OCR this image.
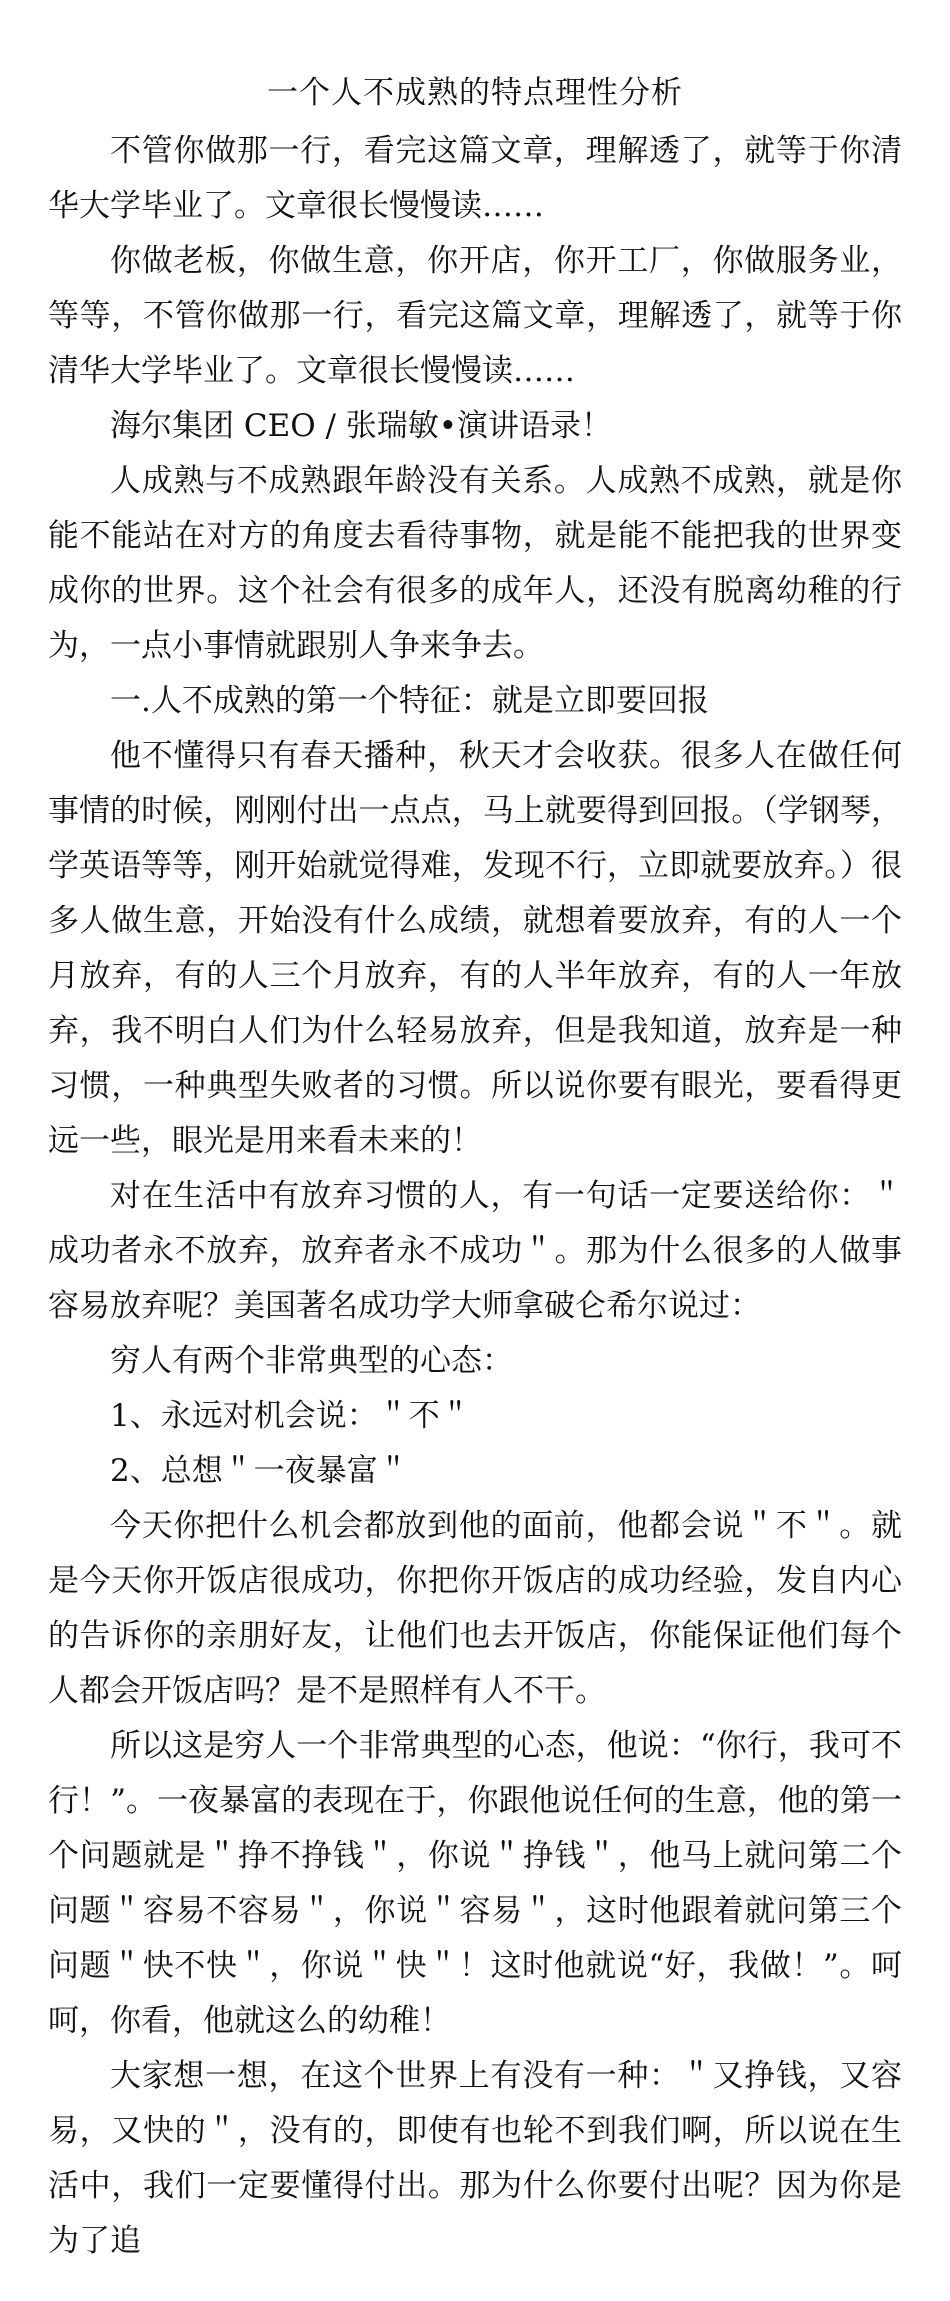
一个人不成熟的特点理性分析

不管你做那一行，看完这篇文章，理解透了，就等于你清华大学毕业了。文章很长慢慢读……

你做老板，你做生意，你开店，你开工厂，你做服务业，等等，不管你做那一行，看完这篇文章，理解透了，就等于你清华大学毕业了。文章很长慢慢读……

海尔集团 CEO / 张瑞敏•演讲语录！

人成熟与不成熟跟年龄没有关系。人成熟不成熟，就是你能不能站在对方的角度去看待事物，就是能不能把我的世界变成你的世界。这个社会有很多的成年人，还没有脱离幼稚的行为，一点小事情就跟别人争来争去。

一.人不成熟的第一个特征：就是立即要回报

他不懂得只有春天播种，秋天才会收获。很多人在做任何事情的时候，刚刚付出一点点，马上就要得到回报。（学钢琴，学英语等等，刚开始就觉得难，发现不行，立即就要放弃。）很多人做生意，开始没有什么成绩，就想着要放弃，有的人一个月放弃，有的人三个月放弃，有的人半年放弃，有的人一年放弃，我不明白人们为什么轻易放弃，但是我知道，放弃是一种习惯，一种典型失败者的习惯。所以说你要有眼光，要看得更远一些，眼光是用来看未来的！

对在生活中有放弃习惯的人，有一句话一定要送给你：＂成功者永不放弃，放弃者永不成功＂。那为什么很多的人做事容易放弃呢？美国著名成功学大师拿破仑希尔说过：

穷人有两个非常典型的心态：

1、永远对机会说：＂不＂

2、总想＂一夜暴富＂

今天你把什么机会都放到他的面前，他都会说＂不＂。就是今天你开饭店很成功，你把你开饭店的成功经验，发自内心的告诉你的亲朋好友，让他们也去开饭店，你能保证他们每个人都会开饭店吗？是不是照样有人不干。

所以这是穷人一个非常典型的心态，他说：“你行，我可不行！”。一夜暴富的表现在于，你跟他说任何的生意，他的第一个问题就是＂挣不挣钱＂，你说＂挣钱＂，他马上就问第二个问题＂容易不容易＂，你说＂容易＂，这时他跟着就问第三个问题＂快不快＂，你说＂快＂！这时他就说“好，我做！”。呵呵，你看，他就这么的幼稚！

大家想一想，在这个世界上有没有一种：＂又挣钱，又容易，又快的＂，没有的，即使有也轮不到我们啊，所以说在生活中，我们一定要懂得付出。那为什么你要付出呢？因为你是为了追
